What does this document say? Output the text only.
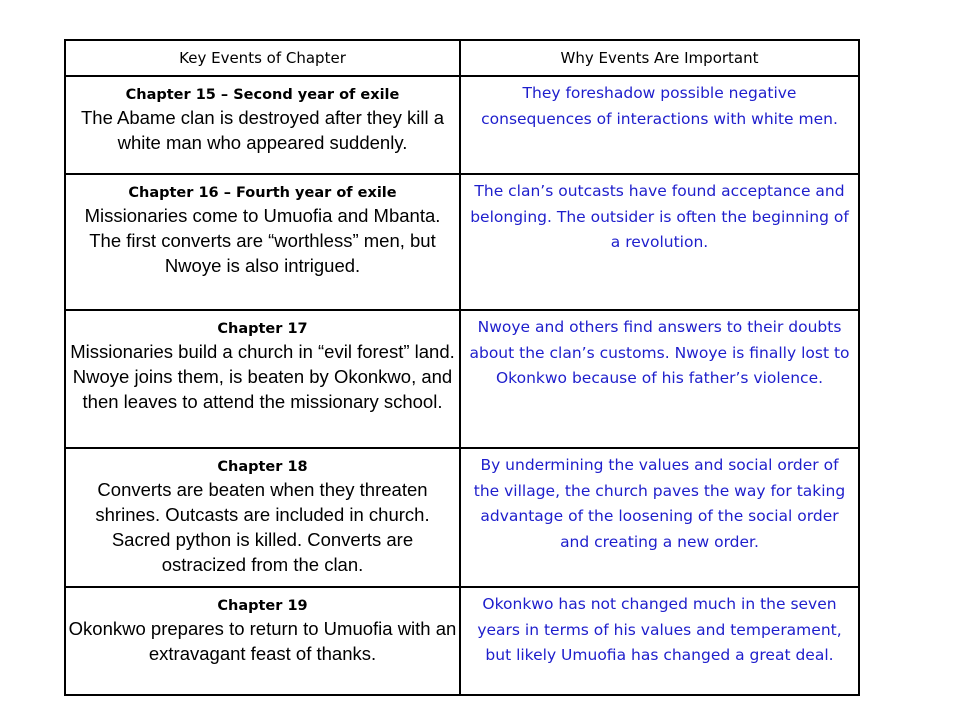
Key Events of Chapter	Why Events Are Important

Chapter 15 – Second year of exile
The Abame clan is destroyed after they kill a white man who appeared suddenly.	They foreshadow possible negative consequences of interactions with white men.

Chapter 16 – Fourth year of exile
Missionaries come to Umuofia and Mbanta. The first converts are “worthless” men, but Nwoye is also intrigued.	The clan’s outcasts have found acceptance and belonging. The outsider is often the beginning of a revolution.

Chapter 17
Missionaries build a church in “evil forest” land. Nwoye joins them, is beaten by Okonkwo, and then leaves to attend the missionary school.	Nwoye and others find answers to their doubts about the clan’s customs. Nwoye is finally lost to Okonkwo because of his father’s violence.

Chapter 18
Converts are beaten when they threaten shrines. Outcasts are included in church. Sacred python is killed. Converts are ostracized from the clan.	By undermining the values and social order of the village, the church paves the way for taking advantage of the loosening of the social order and creating a new order.

Chapter 19
Okonkwo prepares to return to Umuofia with an extravagant feast of thanks.	Okonkwo has not changed much in the seven years in terms of his values and temperament, but likely Umuofia has changed a great deal.
